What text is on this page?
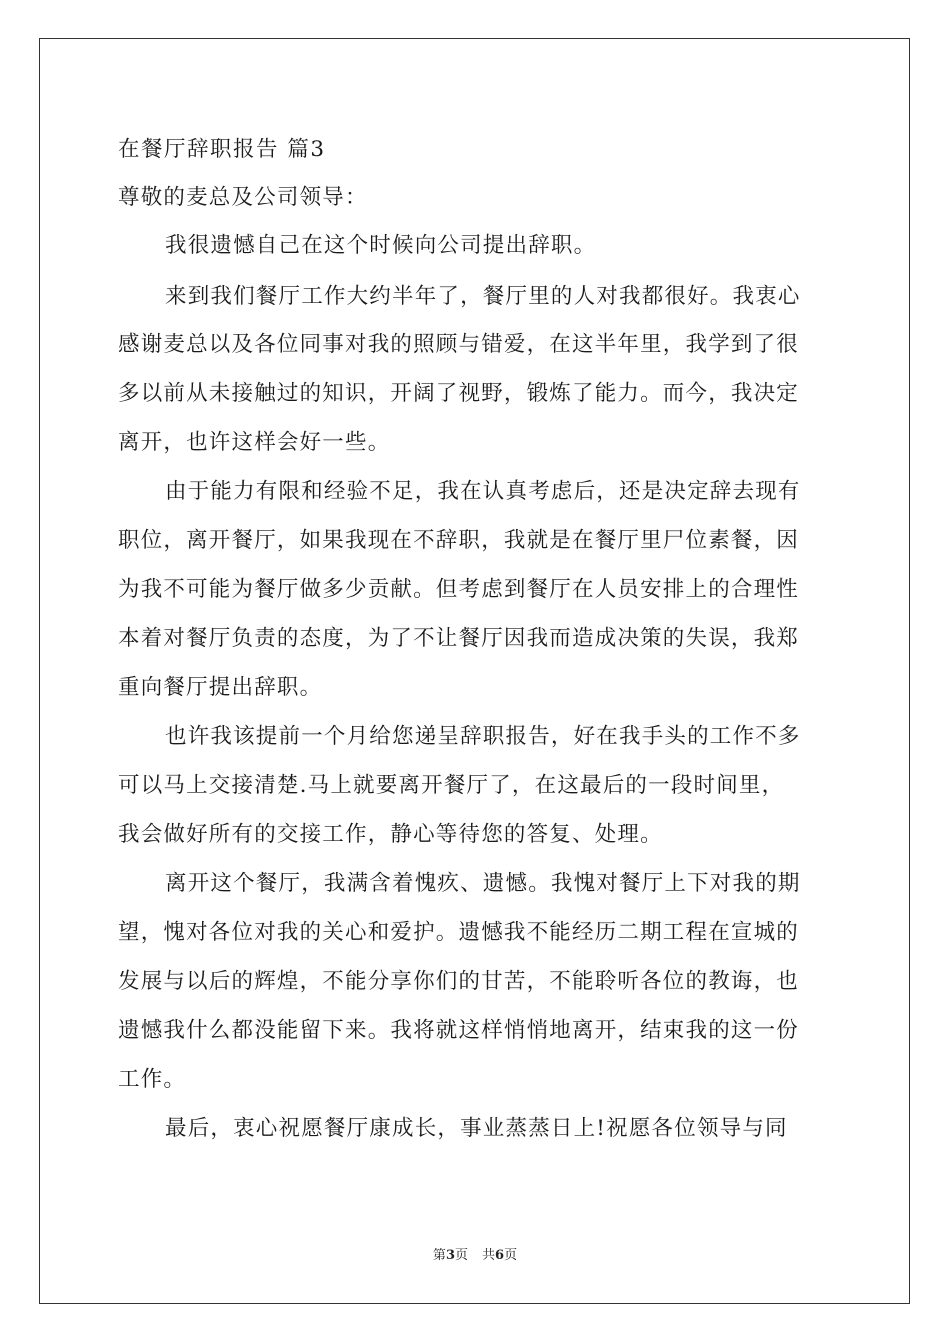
在餐厅辞职报告 篇3
尊敬的麦总及公司领导：
我很遗憾自己在这个时候向公司提出辞职。
来到我们餐厅工作大约半年了，餐厅里的人对我都很好。我衷心
感谢麦总以及各位同事对我的照顾与错爱，在这半年里，我学到了很
多以前从未接触过的知识，开阔了视野，锻炼了能力。而今，我决定
离开，也许这样会好一些。
由于能力有限和经验不足，我在认真考虑后，还是决定辞去现有
职位，离开餐厅，如果我现在不辞职，我就是在餐厅里尸位素餐，因
为我不可能为餐厅做多少贡献。但考虑到餐厅在人员安排上的合理性
本着对餐厅负责的态度，为了不让餐厅因我而造成决策的失误，我郑
重向餐厅提出辞职。
也许我该提前一个月给您递呈辞职报告，好在我手头的工作不多
可以马上交接清楚.马上就要离开餐厅了，在这最后的一段时间里，
我会做好所有的交接工作，静心等待您的答复、处理。
离开这个餐厅，我满含着愧疚、遗憾。我愧对餐厅上下对我的期
望，愧对各位对我的关心和爱护。遗憾我不能经历二期工程在宣城的
发展与以后的辉煌，不能分享你们的甘苦，不能聆听各位的教诲，也
遗憾我什么都没能留下来。我将就这样悄悄地离开，结束我的这一份
工作。
最后，衷心祝愿餐厅康成长，事业蒸蒸日上!祝愿各位领导与同
第3页 共6页
